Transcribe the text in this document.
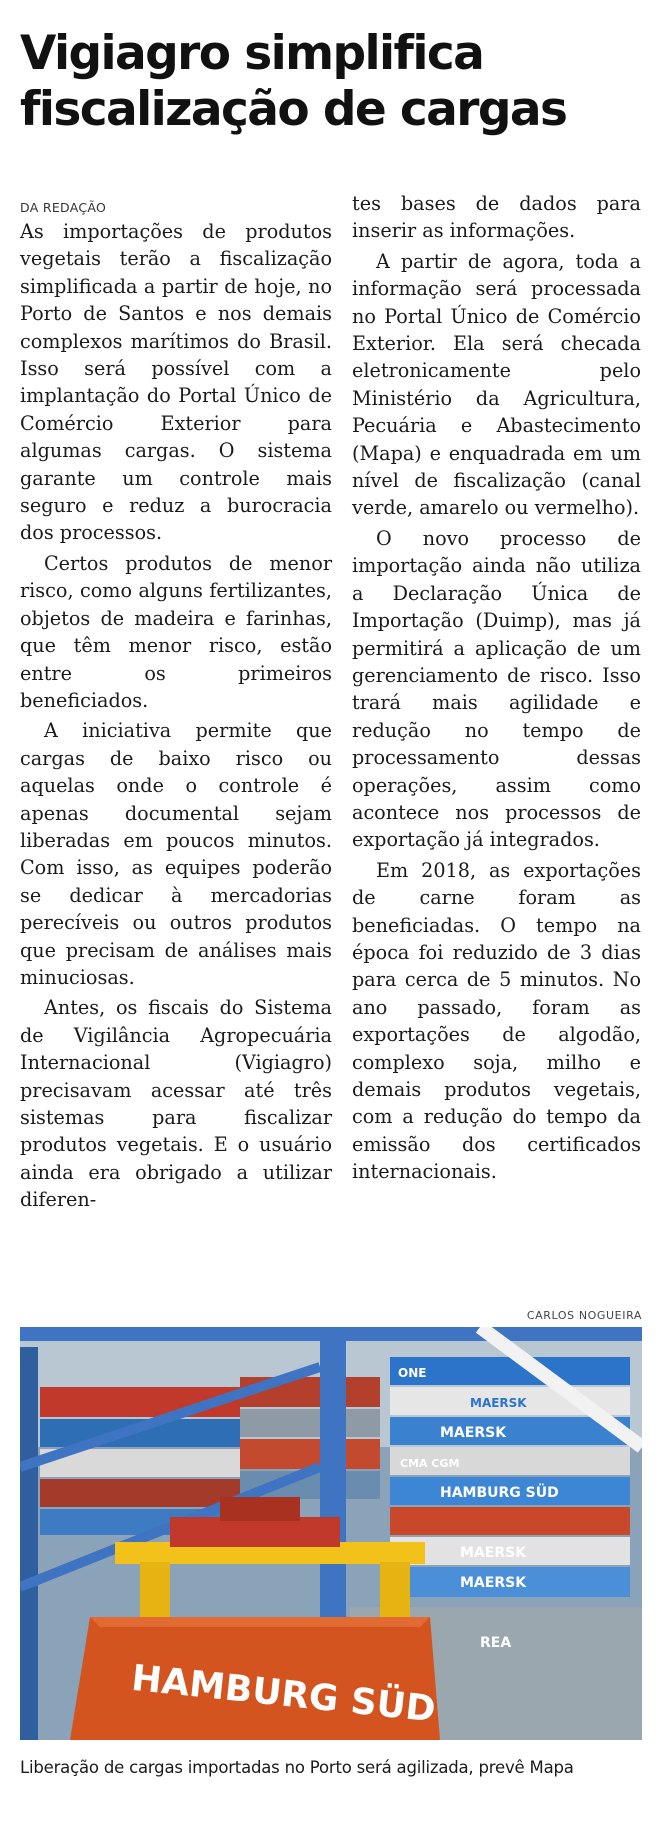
Vigiagro simplifica
fiscalização de cargas
DA REDAÇÃO

As importações de produtos vegetais terão a fiscalização simplificada a partir de hoje, no Porto de Santos e nos demais complexos marítimos do Brasil. Isso será possível com a implantação do Portal Único de Comércio Exterior para algumas cargas. O sistema garante um controle mais seguro e reduz a burocracia dos processos.

Certos produtos de menor risco, como alguns fertilizantes, objetos de madeira e farinhas, que têm menor risco, estão entre os primeiros beneficiados.

A iniciativa permite que cargas de baixo risco ou aquelas onde o controle é apenas documental sejam liberadas em poucos minutos. Com isso, as equipes poderão se dedicar à mercadorias perecíveis ou outros produtos que precisam de análises mais minuciosas.

Antes, os fiscais do Sistema de Vigilância Agropecuária Internacional (Vigiagro) precisavam acessar até três sistemas para fiscalizar produtos vegetais. E o usuário ainda era obrigado a utilizar diferen-

tes bases de dados para inserir as informações.

A partir de agora, toda a informação será processada no Portal Único de Comércio Exterior. Ela será checada eletronicamente pelo Ministério da Agricultura, Pecuária e Abastecimento (Mapa) e enquadrada em um nível de fiscalização (canal verde, amarelo ou vermelho).

O novo processo de importação ainda não utiliza a Declaração Única de Importação (Duimp), mas já permitirá a aplicação de um gerenciamento de risco. Isso trará mais agilidade e redução no tempo de processamento dessas operações, assim como acontece nos processos de exportação já integrados.

Em 2018, as exportações de carne foram as beneficiadas. O tempo na época foi reduzido de 3 dias para cerca de 5 minutos. No ano passado, foram as exportações de algodão, complexo soja, milho e demais produtos vegetais, com a redução do tempo da emissão dos certificados internacionais.

CARLOS NOGUEIRA
HAMBURG SÜD
MAERSK
HAMBURG SÜD
MAERSK
MAERSK
MAERSK
CMA CGM
ONE
REA
Liberação de cargas importadas no Porto será agilizada, prevê Mapa
